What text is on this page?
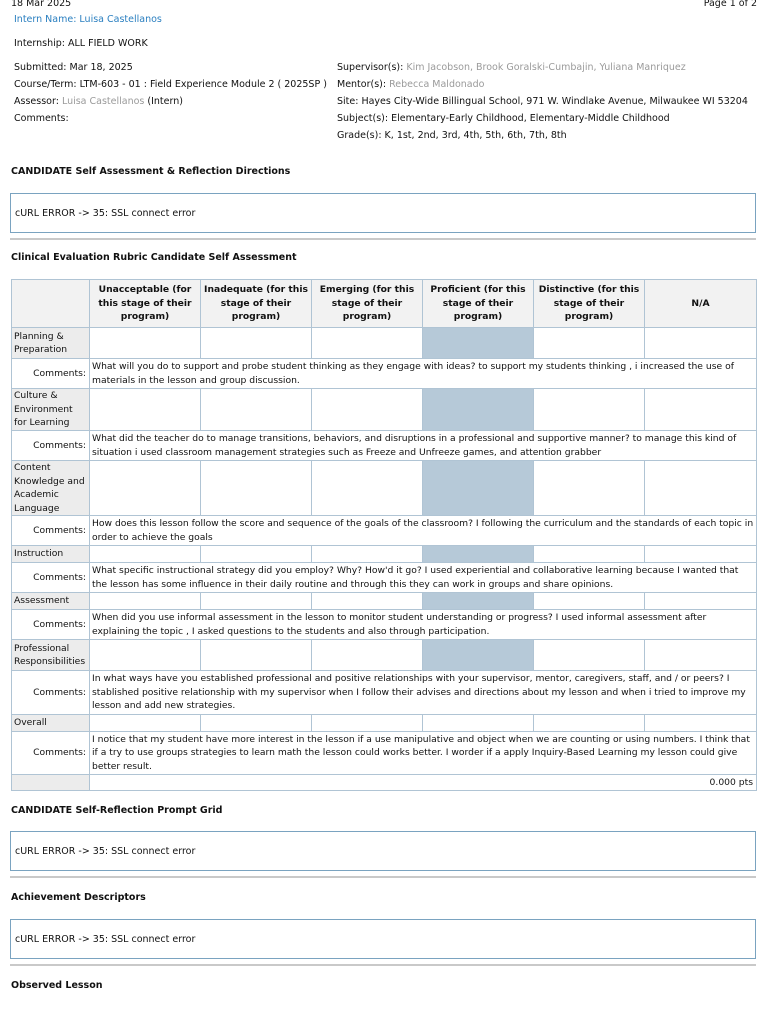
18 Mar 2025	Page 1 of 2
Intern Name: Luisa Castellanos
Internship: ALL FIELD WORK
Submitted: Mar 18, 2025
Course/Term: LTM-603 - 01 : Field Experience Module 2 ( 2025SP )
Assessor: Luisa Castellanos (Intern)
Comments:
Supervisor(s): Kim Jacobson, Brook Goralski-Cumbajin, Yuliana Manriquez
Mentor(s): Rebecca Maldonado
Site: Hayes City-Wide Billingual School, 971 W. Windlake Avenue, Milwaukee WI 53204
Subject(s): Elementary-Early Childhood, Elementary-Middle Childhood
Grade(s): K, 1st, 2nd, 3rd, 4th, 5th, 6th, 7th, 8th
CANDIDATE Self Assessment & Reflection Directions
cURL ERROR -> 35: SSL connect error
Clinical Evaluation Rubric Candidate Self Assessment
	Unacceptable (for this stage of their program)	Inadequate (for this stage of their program)	Emerging (for this stage of their program)	Proficient (for this stage of their program)	Distinctive (for this stage of their program)	N/A
Planning & Preparation						
Comments:	What will you do to support and probe student thinking as they engage with ideas? to support my students thinking , i increased the use of materials in the lesson and group discussion.					
Culture & Environment for Learning						
Comments:	What did the teacher do to manage transitions, behaviors, and disruptions in a professional and supportive manner? to manage this kind of situation i used classroom management strategies such as Freeze and Unfreeze games, and attention grabber					
Content Knowledge and Academic Language						
Comments:	How does this lesson follow the score and sequence of the goals of the classroom? I following the curriculum and the standards of each topic in order to achieve the goals					
Instruction						
Comments:	What specific instructional strategy did you employ? Why? How'd it go? I used experiential and collaborative learning because I wanted that the lesson has some influence in their daily routine and through this they can work in groups and share opinions.					
Assessment						
Comments:	When did you use informal assessment in the lesson to monitor student understanding or progress? I used informal assessment after explaining the topic , I asked questions to the students and also through participation.					
Professional Responsibilities						
Comments:	In what ways have you established professional and positive relationships with your supervisor, mentor, caregivers, staff, and / or peers? I stablished positive relationship with my supervisor when I follow their advises and directions about my lesson and when i tried to improve my lesson and add new strategies.					
Overall						
Comments:	I notice that my student have more interest in the lesson if a use manipulative and object when we are counting or using numbers. I think that if a try to use groups strategies to learn math the lesson could works better. I worder if a apply Inquiry-Based Learning my lesson could give better result.					
	0.000 pts					
CANDIDATE Self-Reflection Prompt Grid
cURL ERROR -> 35: SSL connect error
Achievement Descriptors
cURL ERROR -> 35: SSL connect error
Observed Lesson
